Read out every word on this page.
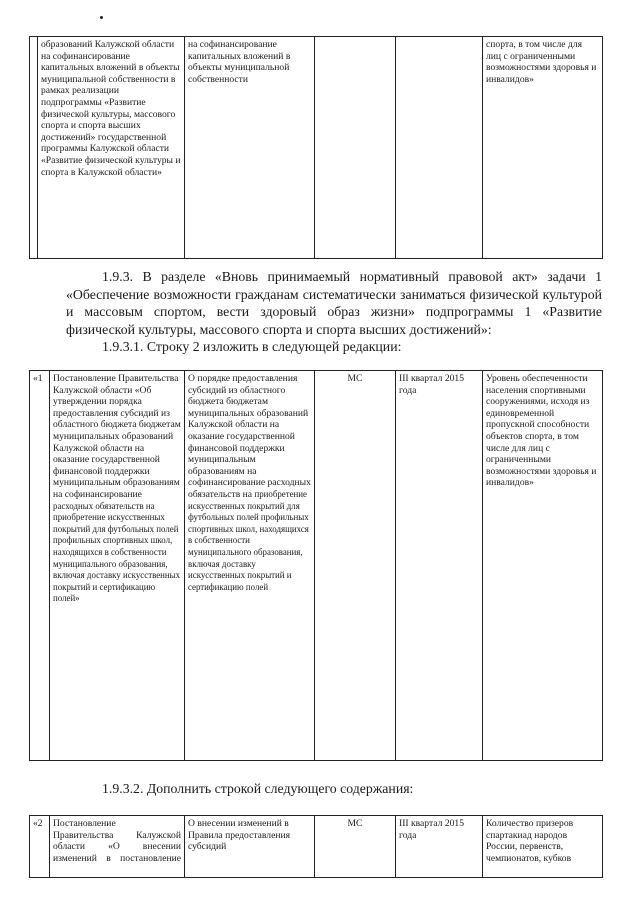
	образований Калужской области на софинансирование капитальных вложений в объекты муниципальной собственности в рамках реализации подпрограммы «Развитие физической культуры, массового спорта и спорта высших достижений» государственной программы Калужской области «Развитие физической культуры и спорта в Калужской области»	на софинансирование капитальных вложений в объекты муниципальной собственности			спорта, в том числе для лиц с ограниченными возможностями здоровья и инвалидов»
1.9.3. В разделе «Вновь принимаемый нормативный правовой акт» задачи 1 «Обеспечение возможности гражданам систематически заниматься физической культурой и массовым спортом, вести здоровый образ жизни» подпрограммы 1 «Развитие физической культуры, массового спорта и спорта высших достижений»:
1.9.3.1. Строку 2 изложить в следующей редакции:
«1	Постановление Правительства Калужской области «Об утверждении порядка предоставления субсидий из областного бюджета бюджетам муниципальных образований Калужской области на оказание государственной финансовой поддержки муниципальным образованиям на софинансирование расходных обязательств на приобретение искусственных покрытий для футбольных полей профильных спортивных школ, находящихся в собственности муниципального образования, включая доставку искусственных покрытий и сертификацию полей»	О порядке предоставления субсидий из областного бюджета бюджетам муниципальных образований Калужской области на оказание государственной финансовой поддержки муниципальным образованиям на софинансирование расходных обязательств на приобретение искусственных покрытий для футбольных полей профильных спортивных школ, находящихся в собственности муниципального образования, включая доставку искусственных покрытий и сертификацию полей	МС	III квартал 2015 года	Уровень обеспеченности населения спортивными сооружениями, исходя из единовременной пропускной способности объектов спорта, в том числе для лиц с ограниченными возможностями здоровья и инвалидов»
1.9.3.2. Дополнить строкой следующего содержания:
«2	Постановление
Правительства Калужской
области «О внесении
изменений в постановление
	О внесении изменений в Правила предоставления субсидий	МС	III квартал 2015 года	Количество призеров спартакиад народов России, первенств, чемпионатов, кубков
